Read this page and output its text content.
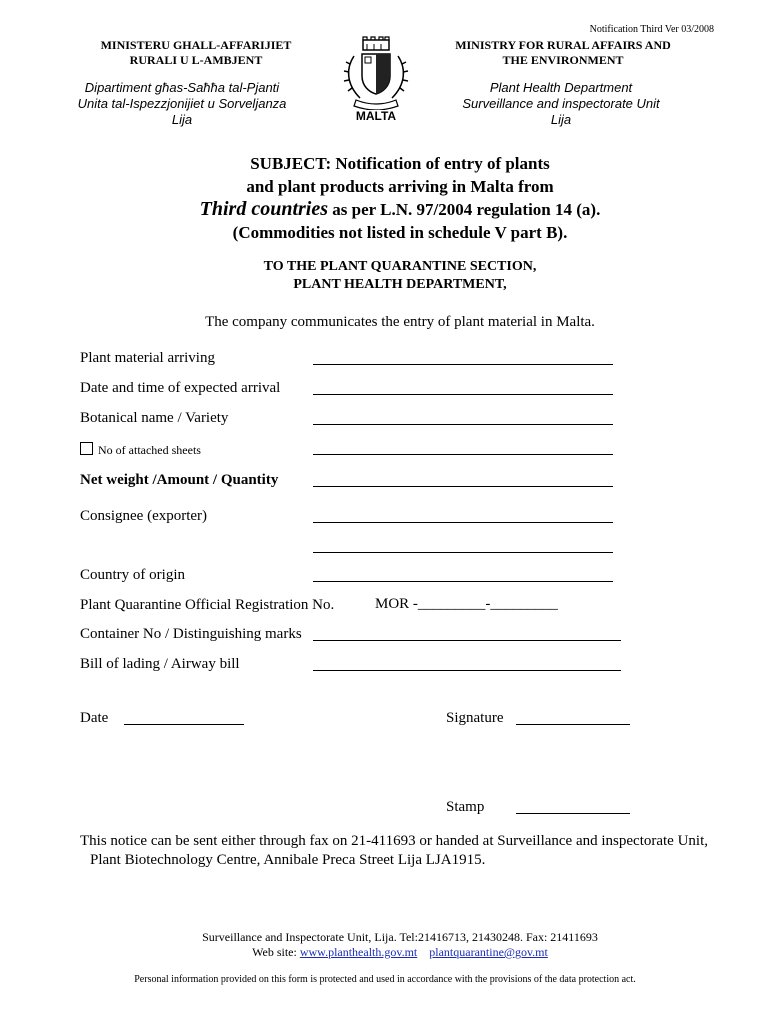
Notification Third Ver 03/2008
MINISTERU GHALL-AFFARIJIET
RURALI U L-AMBJENT
Dipartiment għas-Saħħa tal-Pjanti
Unita tal-Ispezzjonijiet u Sorveljanza
Lija	MALTA
MINISTRY FOR RURAL AFFAIRS AND
THE ENVIRONMENT
Plant Health Department
Surveillance and inspectorate Unit
Lija
SUBJECT: Notification of entry of plants
and plant products arriving in Malta from
Third countries as per L.N. 97/2004 regulation 14 (a).
(Commodities not listed in schedule V part B).
TO THE PLANT QUARANTINE SECTION,
PLANT HEALTH DEPARTMENT,
The company communicates the entry of plant material in Malta.
Plant material arriving
Date and time of expected arrival
Botanical name / Variety
No of attached sheets
Net weight /Amount / Quantity
Consignee (exporter)
Country of origin
Plant Quarantine Official Registration No.	MOR -_________-_________
Container No / Distinguishing marks
Bill of lading / Airway bill
Date	Signature
Stamp
This notice can be sent either through fax on 21-411693 or handed at Surveillance and inspectorate Unit,
Plant Biotechnology Centre, Annibale Preca Street Lija LJA1915.
Surveillance and Inspectorate Unit, Lija. Tel:21416713, 21430248. Fax: 21411693
Web site: www.planthealth.gov.mt plantquarantine@gov.mt
Personal information provided on this form is protected and used in accordance with the provisions of the data protection act.
